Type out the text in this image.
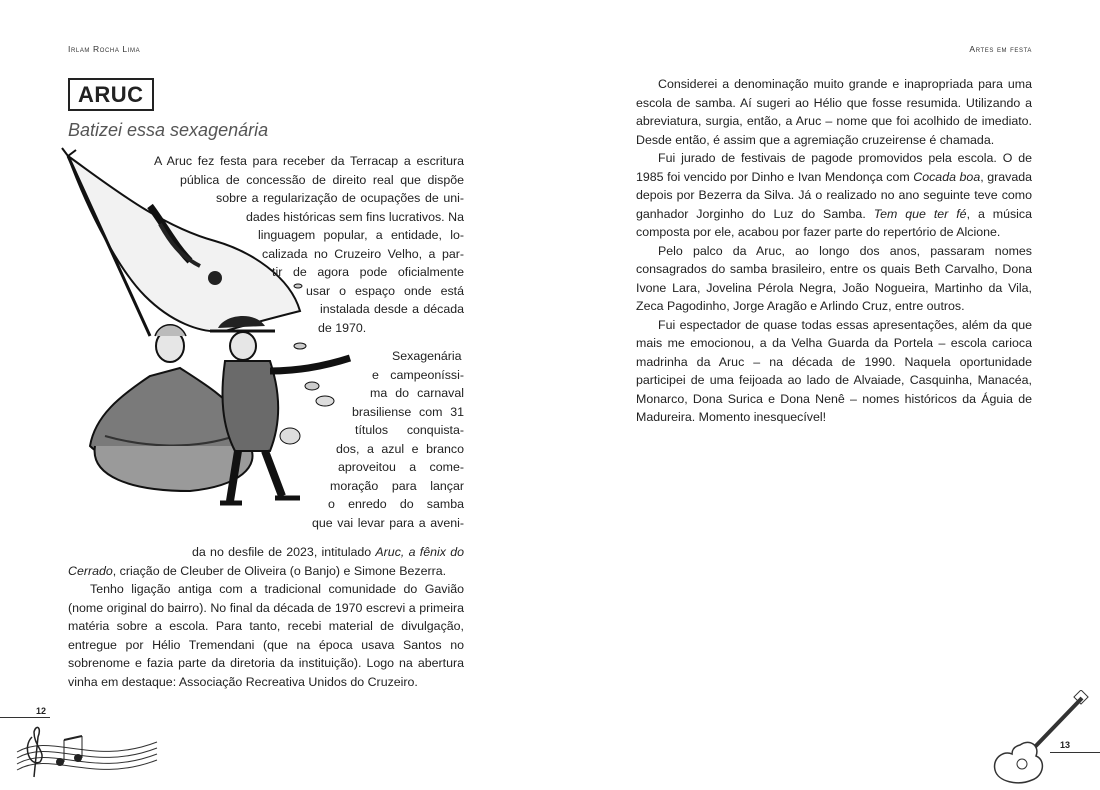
Irlam Rocha Lima
ARUC
Batizei essa sexagenária
A Aruc fez festa para receber da Terracap a escritura
pública de concessão de direito real que dispõe
sobre a regularização de ocupações de uni-
dades históricas sem fins lucrativos. Na
linguagem popular, a entidade, lo-
calizada no Cruzeiro Velho, a par-
tir de agora pode oficialmente
usar o espaço onde está
instalada desde a década
de 1970.
Sexagenária
e campeoníssi-
ma do carnaval
brasiliense com 31
títulos conquista-
dos, a azul e branco
aproveitou a come-
moração para lançar
o enredo do samba
que vai levar para a aveni-
da no desfile de 2023, intitulado Aruc, a fênix do

Cerrado, criação de Cleuber de Oliveira (o Banjo) e Simone Bezerra.

Tenho ligação antiga com a tradicional comunidade do Gavião (nome original do bairro). No final da década de 1970 escrevi a primeira matéria sobre a escola. Para tanto, recebi material de divulgação, entregue por Hélio Tremendani (que na época usava Santos no sobrenome e fazia parte da diretoria da instituição). Logo na abertura vinha em destaque: Associação Recreativa Unidos do Cruzeiro.

12
Artes em festa

Considerei a denominação muito grande e inapropriada para uma escola de samba. Aí sugeri ao Hélio que fosse resumida. Utilizando a abreviatura, surgia, então, a Aruc – nome que foi acolhido de imediato. Desde então, é assim que a agremiação cruzeirense é chamada.

Fui jurado de festivais de pagode promovidos pela escola. O de 1985 foi vencido por Dinho e Ivan Mendonça com Cocada boa, gravada depois por Bezerra da Silva. Já o realizado no ano seguinte teve como ganhador Jorginho do Luz do Samba. Tem que ter fé, a música composta por ele, acabou por fazer parte do repertório de Alcione.

Pelo palco da Aruc, ao longo dos anos, passaram nomes consagrados do samba brasileiro, entre os quais Beth Carvalho, Dona Ivone Lara, Jovelina Pérola Negra, João Nogueira, Martinho da Vila, Zeca Pagodinho, Jorge Aragão e Arlindo Cruz, entre outros.

Fui espectador de quase todas essas apresentações, além da que mais me emocionou, a da Velha Guarda da Portela – escola carioca madrinha da Aruc – na década de 1990. Naquela oportunidade participei de uma feijoada ao lado de Alvaiade, Casquinha, Manacéa, Monarco, Dona Surica e Dona Nenê – nomes históricos da Águia de Madureira. Momento inesquecível!

13
